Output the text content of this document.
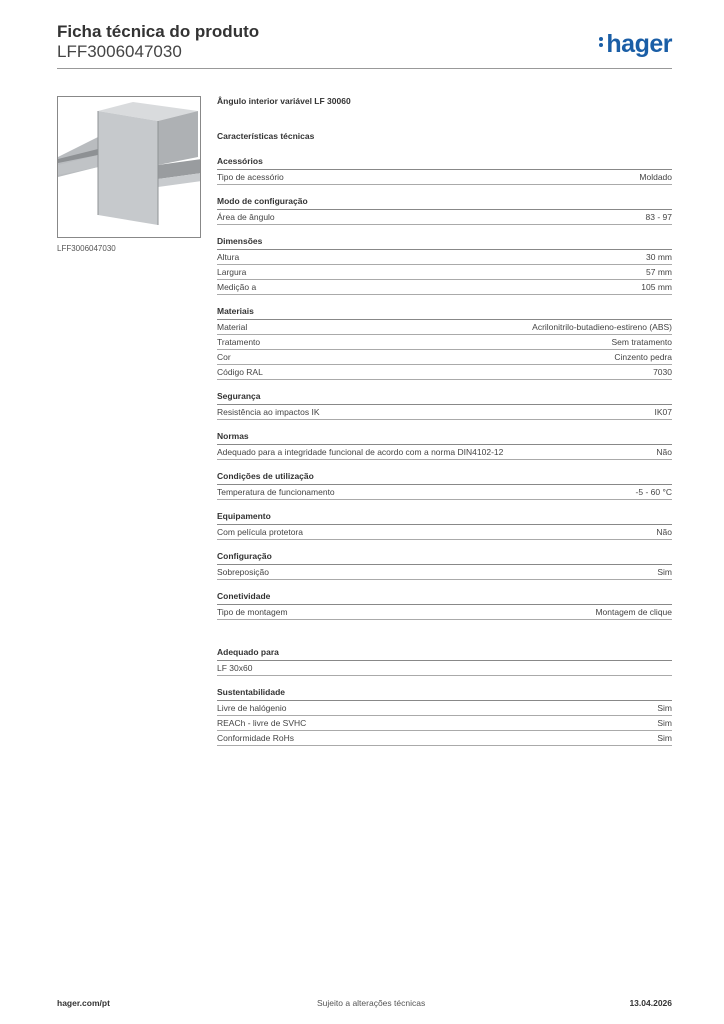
Ficha técnica do produto
LFF3006047030	hager
LFF3006047030
Ângulo interior variável LF 30060
Características técnicas
Acessórios
Tipo de acessório	Moldado
Modo de configuração
Área de ângulo	83 - 97
Dimensões
Altura	30 mm
Largura	57 mm
Medição a	105 mm
Materiais
Material	Acrilonitrilo-butadieno-estireno (ABS)
Tratamento	Sem tratamento
Cor	Cinzento pedra
Código RAL	7030
Segurança
Resistência ao impactos IK	IK07
Normas
Adequado para a integridade funcional de acordo com a norma DIN4102-12	Não
Condições de utilização
Temperatura de funcionamento	-5 - 60 °C
Equipamento
Com película protetora	Não
Configuração
Sobreposição	Sim
Conetividade
Tipo de montagem	Montagem de clique
Adequado para
LF 30x60
Sustentabilidade
Livre de halógenio	Sim
REACh - livre de SVHC	Sim
Conformidade RoHs	Sim
hager.com/pt	Sujeito a alterações técnicas	13.04.2026
